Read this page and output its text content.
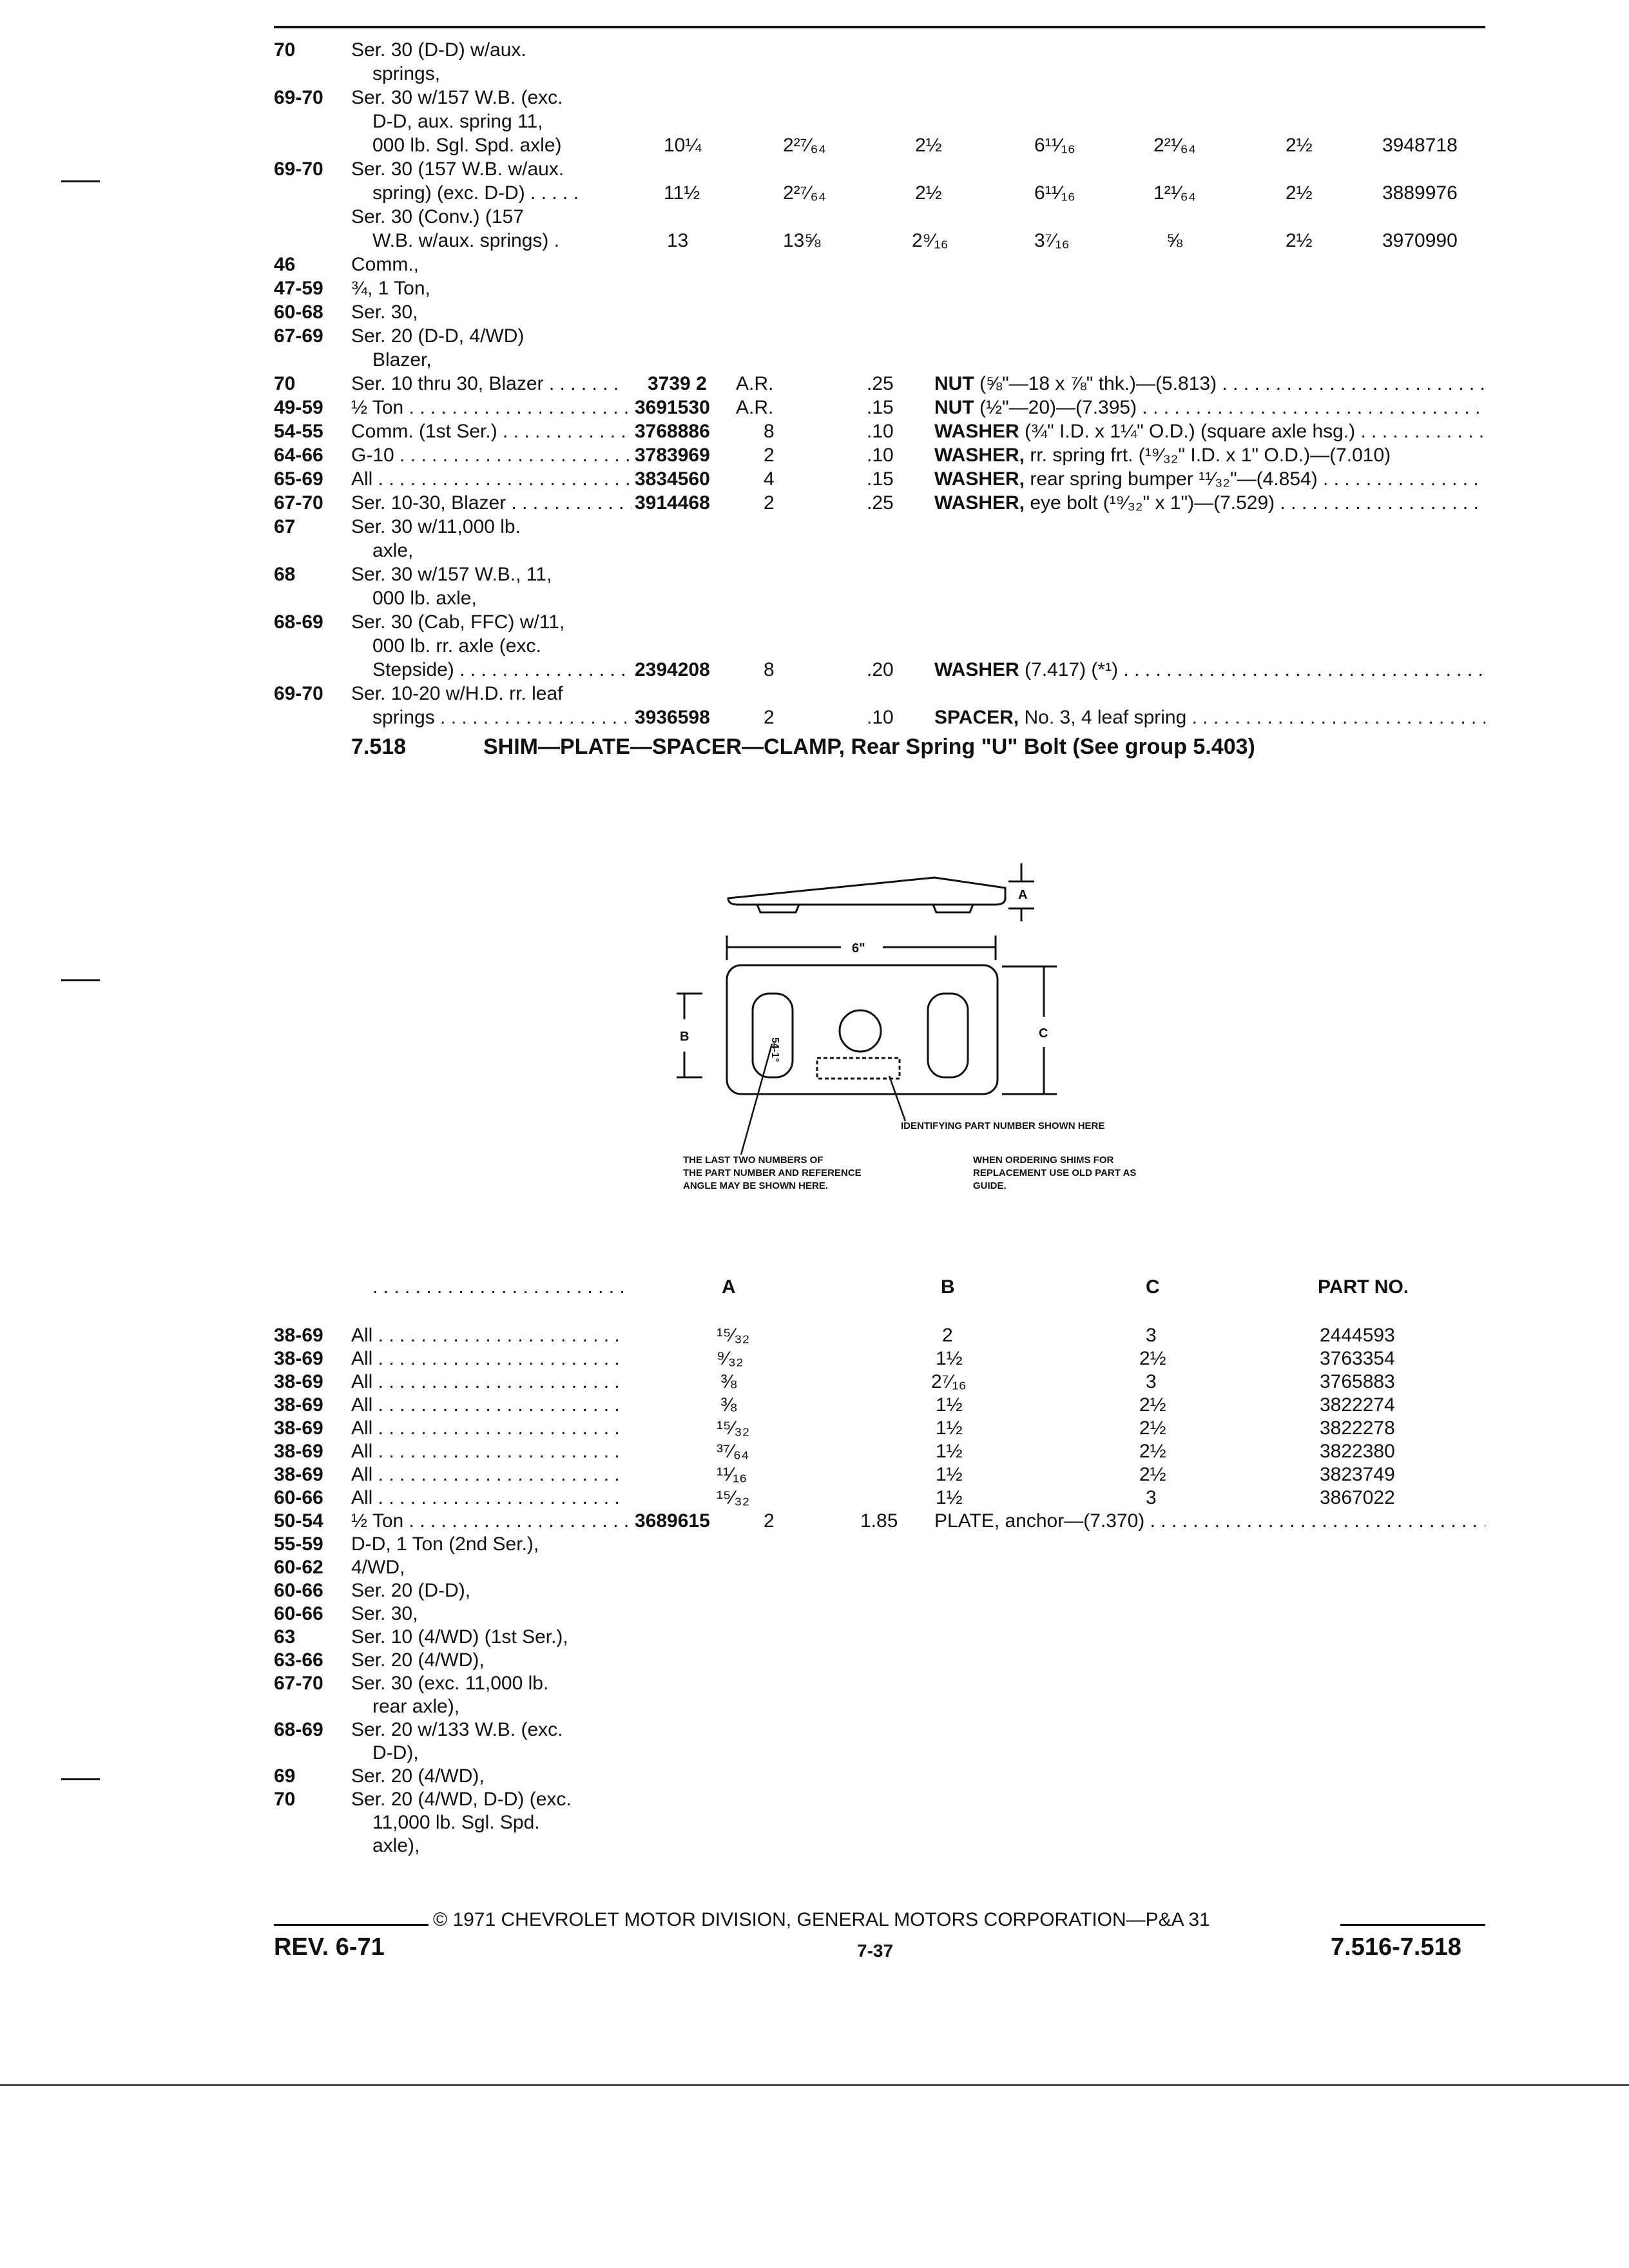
70	Ser. 30 (D-D) w/aux.
springs,
69-70 Ser. 30 w/157 W.B. (exc.
D-D, aux. spring 11,
000 lb. Sgl. Spd. axle)	10¼	2²⁷⁄₆₄	2½	6¹¹⁄₁₆	2²¹⁄₆₄	2½	3948718
69-70 Ser. 30 (157 W.B. w/aux.
spring) (exc. D-D) . . . . .	11½	2²⁷⁄₆₄	2½	6¹¹⁄₁₆	1²¹⁄₆₄	2½	3889976
Ser. 30 (Conv.) (157
W.B. w/aux. springs) .	13	13⅝	2⁹⁄₁₆	3⁷⁄₁₆	⅝	2½	3970990
46	Comm.,
47-59 ¾, 1 Ton,
60-68 Ser. 30,
67-69 Ser. 20 (D-D, 4/WD)
Blazer,
70	Ser. 10 thru 30, Blazer . . . . .	3739 2 A.R.	.25 NUT (⅝"—18 x ⅞" thk.)—(5.813) . . .
49-59 ½ Ton . . .	3691530 A.R.	.15 NUT (½"—20)—(7.395) . . .
54-55 Comm. (1st Ser.) . . .	3768886	8	.10 WASHER (¾" I.D. x 1¼" O.D.) (square axle hsg.) . . .
64-66 G-10 . . .	3783969	2	.10 WASHER, rr. spring frt. (¹⁹⁄₃₂" I.D. x 1" O.D.)—(7.010)
65-69 All . . .	3834560	4	.15 WASHER, rear spring bumper ¹¹⁄₃₂"—(4.854) . . .
67-70 Ser. 10-30, Blazer . . .	3914468	2	.25 WASHER, eye bolt (¹⁹⁄₃₂" x 1")—(7.529) . . .
67	Ser. 30 w/11,000 lb.
axle,
68	Ser. 30 w/157 W.B., 11,
000 lb. axle,
68-69 Ser. 30 (Cab, FFC) w/11,
000 lb. rr. axle (exc.
Stepside) . . .	2394208	8	.20 WASHER (7.417) (*¹) . . .
69-70 Ser. 10-20 w/H.D. rr. leaf
springs . . .	3936598	2	.10 SPACER, No. 3, 4 leaf spring . . .
7.518	SHIM—PLATE—SPACER—CLAMP, Rear Spring "U" Bolt (See group 5.403)
A
6"
B	C
54-1°
IDENTIFYING PART NUMBER SHOWN HERE
THE LAST TWO NUMBERS OF
THE PART NUMBER AND REFERENCE
ANGLE MAY BE SHOWN HERE.
WHEN ORDERING SHIMS FOR
REPLACEMENT USE OLD PART AS
GUIDE.
. . .
A	B	C	PART NO.
38-69 All . . .	¹⁵⁄₃₂	2	3	2444593
38-69 All . . .	⁹⁄₃₂	1½	2½	3763354
38-69 All . . .	⅜	2⁷⁄₁₆	3	3765883
38-69 All . . .	⅜	1½	2½	3822274
38-69 All . . .	¹⁵⁄₃₂	1½	2½	3822278
38-69 All . . .	³⁷⁄₆₄	1½	2½	3822380
38-69 All . . .	¹¹⁄₁₆	1½	2½	3823749
60-66 All . . .	¹⁵⁄₃₂	1½	3	3867022
50-54 ½ Ton . . .	3689615	2	1.85 PLATE, anchor—(7.370) . . .
55-59 D-D, 1 Ton (2nd Ser.),
60-62 4/WD,
60-66 Ser. 20 (D-D),
60-66 Ser. 30,
63	Ser. 10 (4/WD) (1st Ser.),
63-66 Ser. 20 (4/WD),
67-70 Ser. 30 (exc. 11,000 lb.
rear axle),
68-69 Ser. 20 w/133 W.B. (exc.
D-D),
69	Ser. 20 (4/WD),
70	Ser. 20 (4/WD, D-D) (exc.
11,000 lb. Sgl. Spd.
axle),
© 1971 CHEVROLET MOTOR DIVISION, GENERAL MOTORS CORPORATION—P&A 31
REV. 6-71	7-37	7.516-7.518
